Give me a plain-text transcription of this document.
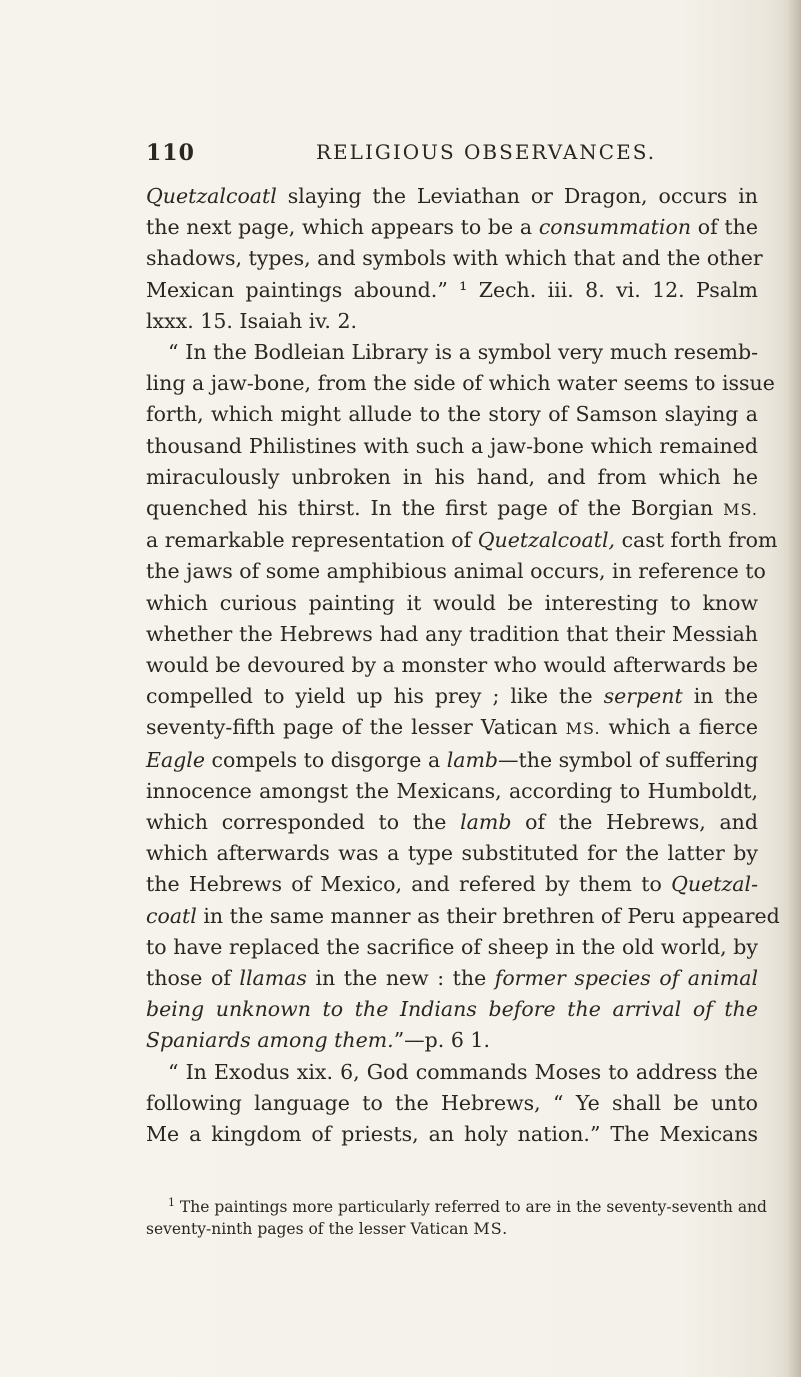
110	RELIGIOUS OBSERVANCES.
Quetzalcoatl slaying the Leviathan or Dragon, occurs in
the next page, which appears to be a consummation of the
shadows, types, and symbols with which that and the other
Mexican paintings abound.” ¹ Zech. iii. 8. vi. 12. Psalm
lxxx. 15. Isaiah iv. 2.
“ In the Bodleian Library is a symbol very much resemb-
ling a jaw-bone, from the side of which water seems to issue
forth, which might allude to the story of Samson slaying a
thousand Philistines with such a jaw-bone which remained
miraculously unbroken in his hand, and from which he
quenched his thirst. In the first page of the Borgian MS.
a remarkable representation of Quetzalcoatl, cast forth from
the jaws of some amphibious animal occurs, in reference to
which curious painting it would be interesting to know
whether the Hebrews had any tradition that their Messiah
would be devoured by a monster who would afterwards be
compelled to yield up his prey ; like the serpent in the
seventy-fifth page of the lesser Vatican MS. which a fierce
Eagle compels to disgorge a lamb—the symbol of suffering
innocence amongst the Mexicans, according to Humboldt,
which corresponded to the lamb of the Hebrews, and
which afterwards was a type substituted for the latter by
the Hebrews of Mexico, and refered by them to Quetzal-
coatl in the same manner as their brethren of Peru appeared
to have replaced the sacrifice of sheep in the old world, by
those of llamas in the new : the former species of animal
being unknown to the Indians before the arrival of the
Spaniards among them.”—p. 6 1.
“ In Exodus xix. 6, God commands Moses to address the
following language to the Hebrews, “ Ye shall be unto
Me a kingdom of priests, an holy nation.” The Mexicans
$^1$ The paintings more particularly referred to are in the seventy-seventh and
seventy-ninth pages of the lesser Vatican MS.
